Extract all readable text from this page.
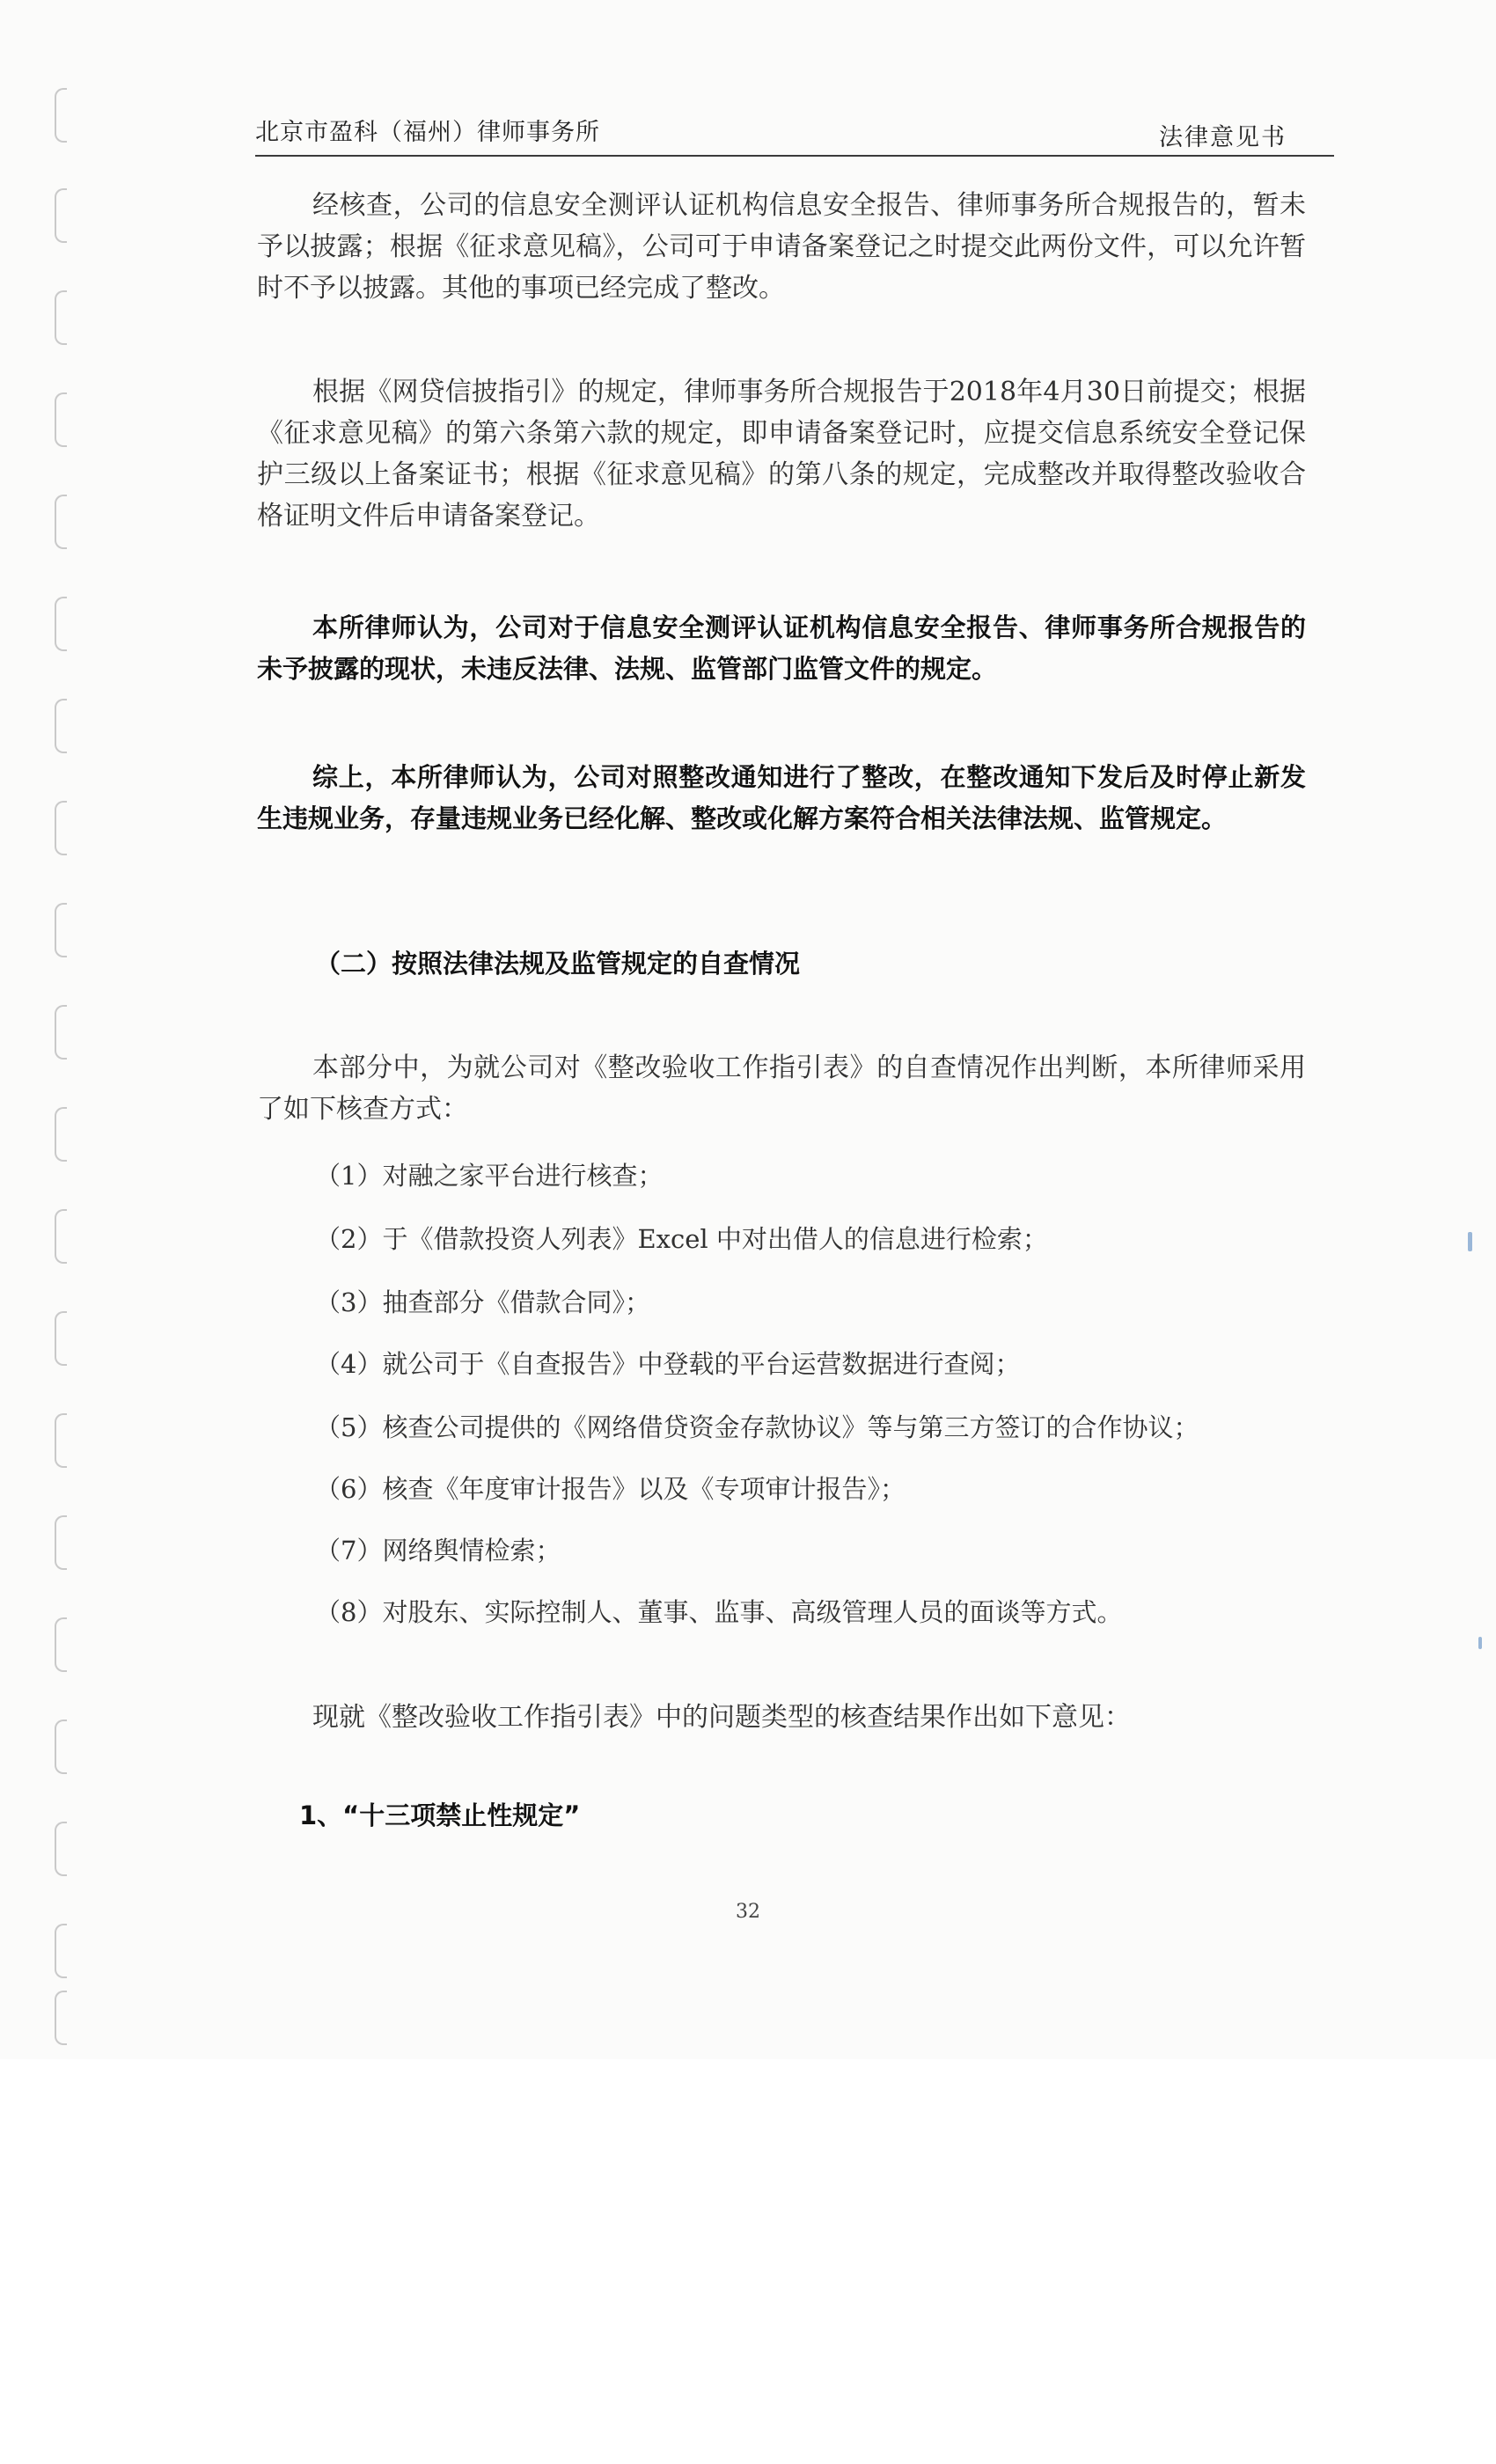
北京市盈科（福州）律师事务所	法律意见书

经核查，公司的信息安全测评认证机构信息安全报告、律师事务所合规报告的，暂未予以披露；根据《征求意见稿》，公司可于申请备案登记之时提交此两份文件，可以允许暂时不予以披露。其他的事项已经完成了整改。

根据《网贷信披指引》的规定，律师事务所合规报告于2018年4月30日前提交；根据《征求意见稿》的第六条第六款的规定，即申请备案登记时，应提交信息系统安全登记保护三级以上备案证书；根据《征求意见稿》的第八条的规定，完成整改并取得整改验收合格证明文件后申请备案登记。

本所律师认为，公司对于信息安全测评认证机构信息安全报告、律师事务所合规报告的未予披露的现状，未违反法律、法规、监管部门监管文件的规定。

综上，本所律师认为，公司对照整改通知进行了整改，在整改通知下发后及时停止新发生违规业务，存量违规业务已经化解、整改或化解方案符合相关法律法规、监管规定。

（二）按照法律法规及监管规定的自查情况

本部分中，为就公司对《整改验收工作指引表》的自查情况作出判断，本所律师采用了如下核查方式：

（1）对融之家平台进行核查；
（2）于《借款投资人列表》Excel 中对出借人的信息进行检索；
（3）抽查部分《借款合同》；
（4）就公司于《自查报告》中登载的平台运营数据进行查阅；
（5）核查公司提供的《网络借贷资金存款协议》等与第三方签订的合作协议；
（6）核查《年度审计报告》以及《专项审计报告》；
（7）网络舆情检索；
（8）对股东、实际控制人、董事、监事、高级管理人员的面谈等方式。

现就《整改验收工作指引表》中的问题类型的核查结果作出如下意见：

1、“十三项禁止性规定”

32
